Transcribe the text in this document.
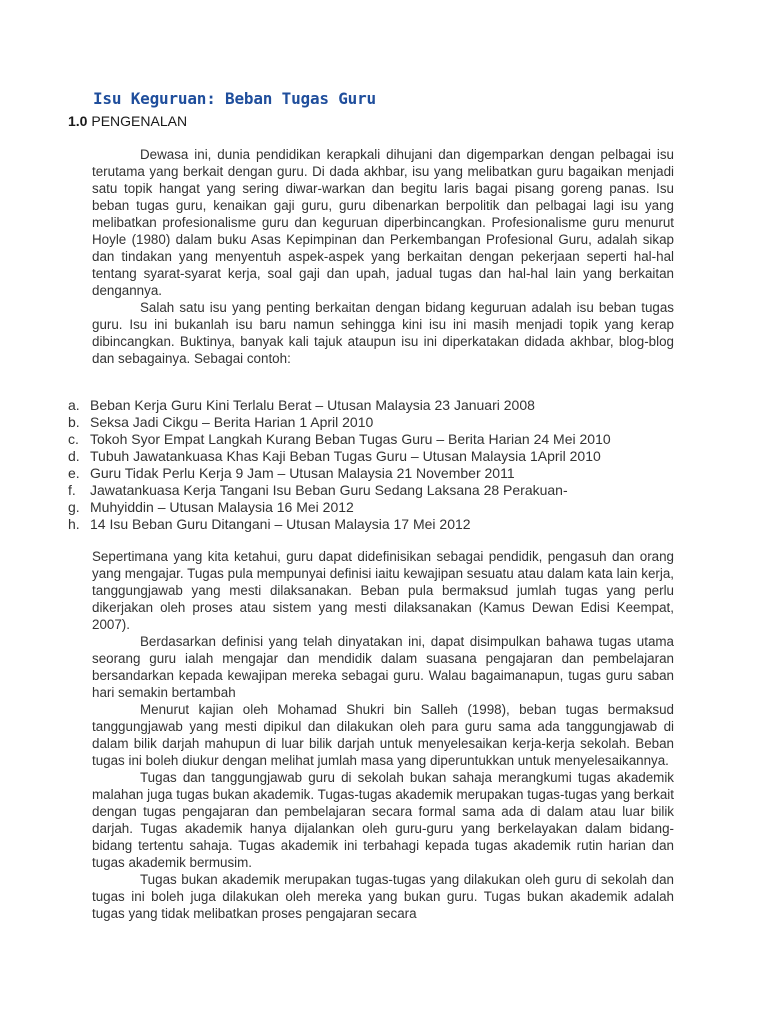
Isu Keguruan: Beban Tugas Guru
1.0 PENGENALAN

Dewasa ini, dunia pendidikan kerapkali dihujani dan digemparkan dengan pelbagai isu terutama yang berkait dengan guru. Di dada akhbar, isu yang melibatkan guru bagaikan menjadi satu topik hangat yang sering diwar-warkan dan begitu laris bagai pisang goreng panas. Isu beban tugas guru, kenaikan gaji guru, guru dibenarkan berpolitik dan pelbagai lagi isu yang melibatkan profesionalisme guru dan keguruan diperbincangkan. Profesionalisme guru menurut Hoyle (1980) dalam buku Asas Kepimpinan dan Perkembangan Profesional Guru, adalah sikap dan tindakan yang menyentuh aspek-aspek yang berkaitan dengan pekerjaan seperti hal-hal tentang syarat-syarat kerja, soal gaji dan upah, jadual tugas dan hal-hal lain yang berkaitan dengannya.

Salah satu isu yang penting berkaitan dengan bidang keguruan adalah isu beban tugas guru. Isu ini bukanlah isu baru namun sehingga kini isu ini masih menjadi topik yang kerap dibincangkan. Buktinya, banyak kali tajuk ataupun isu ini diperkatakan didada akhbar, blog-blog dan sebagainya. Sebagai contoh:

a. Beban Kerja Guru Kini Terlalu Berat – Utusan Malaysia 23 Januari 2008
b. Seksa Jadi Cikgu – Berita Harian 1 April 2010
c. Tokoh Syor Empat Langkah Kurang Beban Tugas Guru – Berita Harian 24 Mei 2010
d. Tubuh Jawatankuasa Khas Kaji Beban Tugas Guru – Utusan Malaysia 1April 2010
e. Guru Tidak Perlu Kerja 9 Jam – Utusan Malaysia 21 November 2011
f.	Jawatankuasa Kerja Tangani Isu Beban Guru Sedang Laksana 28 Perakuan-
g. Muhyiddin – Utusan Malaysia 16 Mei 2012
h. 14 Isu Beban Guru Ditangani – Utusan Malaysia 17 Mei 2012

Sepertimana yang kita ketahui, guru dapat didefinisikan sebagai pendidik, pengasuh dan orang yang mengajar. Tugas pula mempunyai definisi iaitu kewajipan sesuatu atau dalam kata lain kerja, tanggungjawab yang mesti dilaksanakan. Beban pula bermaksud jumlah tugas yang perlu dikerjakan oleh proses atau sistem yang mesti dilaksanakan (Kamus Dewan Edisi Keempat, 2007).

Berdasarkan definisi yang telah dinyatakan ini, dapat disimpulkan bahawa tugas utama seorang guru ialah mengajar dan mendidik dalam suasana pengajaran dan pembelajaran bersandarkan kepada kewajipan mereka sebagai guru. Walau bagaimanapun, tugas guru saban hari semakin bertambah

Menurut kajian oleh Mohamad Shukri bin Salleh (1998), beban tugas bermaksud tanggungjawab yang mesti dipikul dan dilakukan oleh para guru sama ada tanggungjawab di dalam bilik darjah mahupun di luar bilik darjah untuk menyelesaikan kerja-kerja sekolah. Beban tugas ini boleh diukur dengan melihat jumlah masa yang diperuntukkan untuk menyelesaikannya.

Tugas dan tanggungjawab guru di sekolah bukan sahaja merangkumi tugas akademik malahan juga tugas bukan akademik. Tugas-tugas akademik merupakan tugas-tugas yang berkait dengan tugas pengajaran dan pembelajaran secara formal sama ada di dalam atau luar bilik darjah. Tugas akademik hanya dijalankan oleh guru-guru yang berkelayakan dalam bidang-bidang tertentu sahaja. Tugas akademik ini terbahagi kepada tugas akademik rutin harian dan tugas akademik bermusim.

Tugas bukan akademik merupakan tugas-tugas yang dilakukan oleh guru di sekolah dan tugas ini boleh juga dilakukan oleh mereka yang bukan guru. Tugas bukan akademik adalah tugas yang tidak melibatkan proses pengajaran secara
